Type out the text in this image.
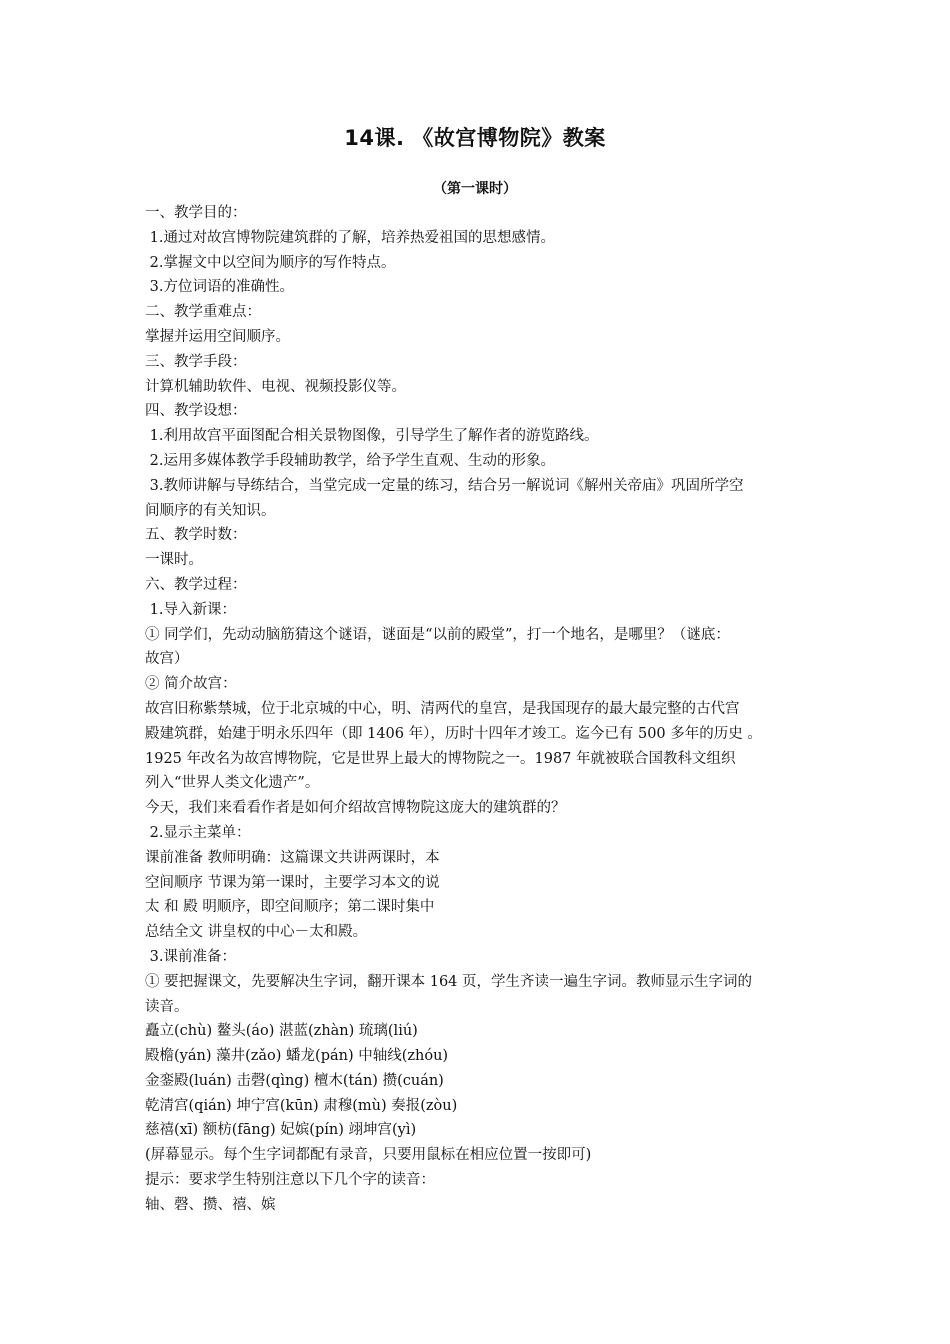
14课. 《故宫博物院》教案
（第一课时）
一、教学目的：
1.通过对故宫博物院建筑群的了解，培养热爱祖国的思想感情。
2.掌握文中以空间为顺序的写作特点。
3.方位词语的准确性。
二、教学重难点：
掌握并运用空间顺序。
三、教学手段：
计算机辅助软件、电视、视频投影仪等。
四、教学设想：
1.利用故宫平面图配合相关景物图像，引导学生了解作者的游览路线。
2.运用多媒体教学手段辅助教学，给予学生直观、生动的形象。
3.教师讲解与导练结合，当堂完成一定量的练习，结合另一解说词《解州关帝庙》巩固所学空
间顺序的有关知识。
五、教学时数：
一课时。
六、教学过程：
1.导入新课：
① 同学们，先动动脑筋猜这个谜语，谜面是“以前的殿堂”，打一个地名，是哪里？（谜底：
故宫）
② 简介故宫：
故宫旧称紫禁城，位于北京城的中心，明、清两代的皇宫，是我国现存的最大最完整的古代宫
殿建筑群，始建于明永乐四年（即 1406 年），历时十四年才竣工。迄今已有 500 多年的历史 。
1925 年改名为故宫博物院，它是世界上最大的博物院之一。1987 年就被联合国教科文组织
列入“世界人类文化遗产”。
今天，我们来看看作者是如何介绍故宫博物院这庞大的建筑群的？
2.显示主菜单：
课前准备 教师明确：这篇课文共讲两课时，本
空间顺序 节课为第一课时，主要学习本文的说
太 和 殿 明顺序，即空间顺序；第二课时集中
总结全文 讲皇权的中心－太和殿。
3.课前准备：
① 要把握课文，先要解决生字词，翻开课本 164 页，学生齐读一遍生字词。教师显示生字词的
读音。
矗立(chù) 鳌头(áo) 湛蓝(zhàn) 琉璃(liú)
殿檐(yán) 藻井(zǎo) 蟠龙(pán) 中轴线(zhóu)
金銮殿(luán) 击磬(qìng) 檀木(tán) 攒(cuán)
乾清宫(qián) 坤宁宫(kūn) 肃穆(mù) 奏报(zòu)
慈禧(xī) 额枋(fāng) 妃嫔(pín) 翊坤宫(yì)
(屏幕显示。每个生字词都配有录音，只要用鼠标在相应位置一按即可)
提示：要求学生特别注意以下几个字的读音：
轴、磬、攒、禧、嫔
